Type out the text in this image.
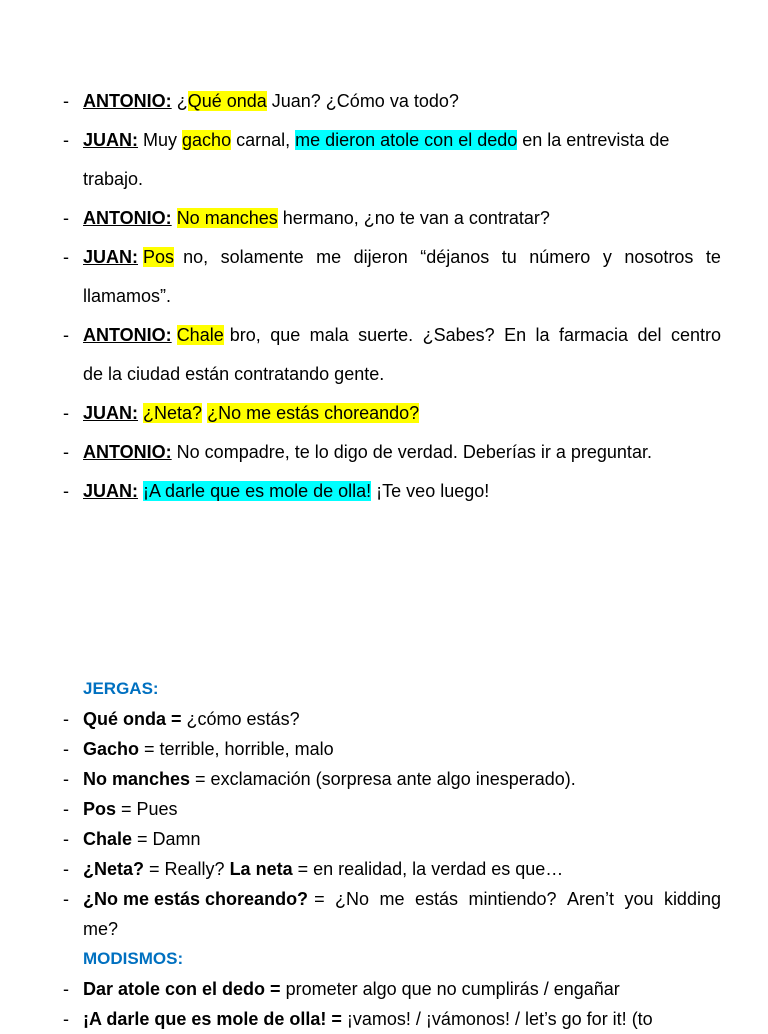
- ANTONIO: ¿Qué onda Juan? ¿Cómo va todo?
- JUAN: Muy gacho carnal, me dieron atole con el dedo en la entrevista de
trabajo.
- ANTONIO: No manches hermano, ¿no te van a contratar?
- JUAN: Pos no, solamente me dijeron “déjanos tu número y nosotros te
llamamos”.
- ANTONIO: Chale bro, que mala suerte. ¿Sabes? En la farmacia del centro
de la ciudad están contratando gente.
- JUAN: ¿Neta? ¿No me estás choreando?
- ANTONIO: No compadre, te lo digo de verdad. Deberías ir a preguntar.
- JUAN: ¡A darle que es mole de olla! ¡Te veo luego!
JERGAS:
- Qué onda = ¿cómo estás?
- Gacho = terrible, horrible, malo
- No manches = exclamación (sorpresa ante algo inesperado).
- Pos = Pues
- Chale = Damn
- ¿Neta? = Really? La neta = en realidad, la verdad es que…
- ¿No me estás choreando? = ¿No me estás mintiendo? Aren’t you kidding
me?
MODISMOS:
- Dar atole con el dedo = prometer algo que no cumplirás / engañar
- ¡A darle que es mole de olla! = ¡vamos! / ¡vámonos! / let’s go for it! (to
